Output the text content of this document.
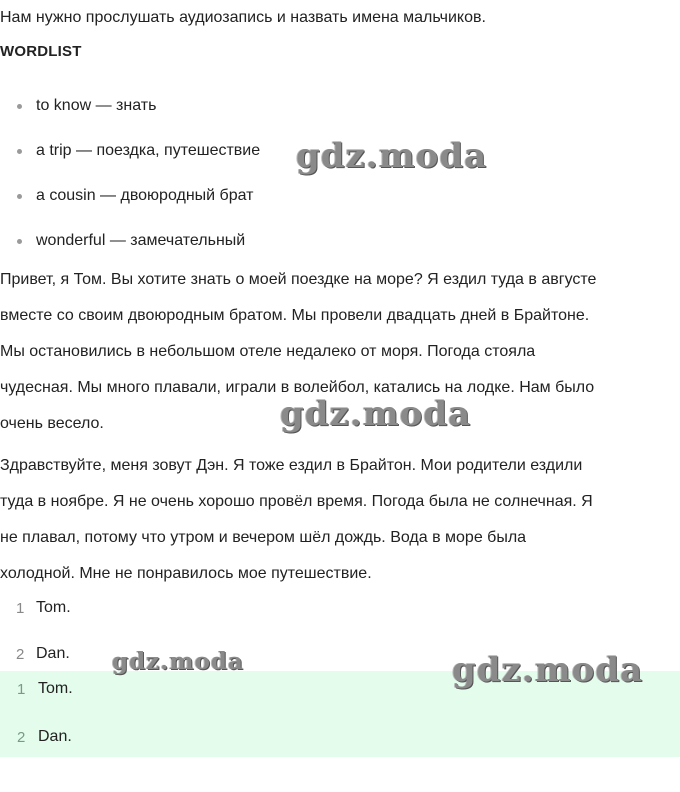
Нам нужно прослушать аудиозапись и назвать имена мальчиков.
WORDLIST
to know — знать
a trip — поездка, путешествие
a cousin — двоюродный брат
wonderful — замечательный
Привет, я Том. Вы хотите знать о моей поездке на море? Я ездил туда в августе
вместе со своим двоюродным братом. Мы провели двадцать дней в Брайтоне.
Мы остановились в небольшом отеле недалеко от моря. Погода стояла
чудесная. Мы много плавали, играли в волейбол, катались на лодке. Нам было
очень весело.
Здравствуйте, меня зовут Дэн. Я тоже ездил в Брайтон. Мои родители ездили
туда в ноябре. Я не очень хорошо провёл время. Погода была не солнечная. Я
не плавал, потому что утром и вечером шёл дождь. Вода в море была
холодной. Мне не понравилось мое путешествие.
1 Tom.
2 Dan.
1 Tom.
2 Dan.
gdz.moda
gdz.moda
gdz.moda	gdz.moda
